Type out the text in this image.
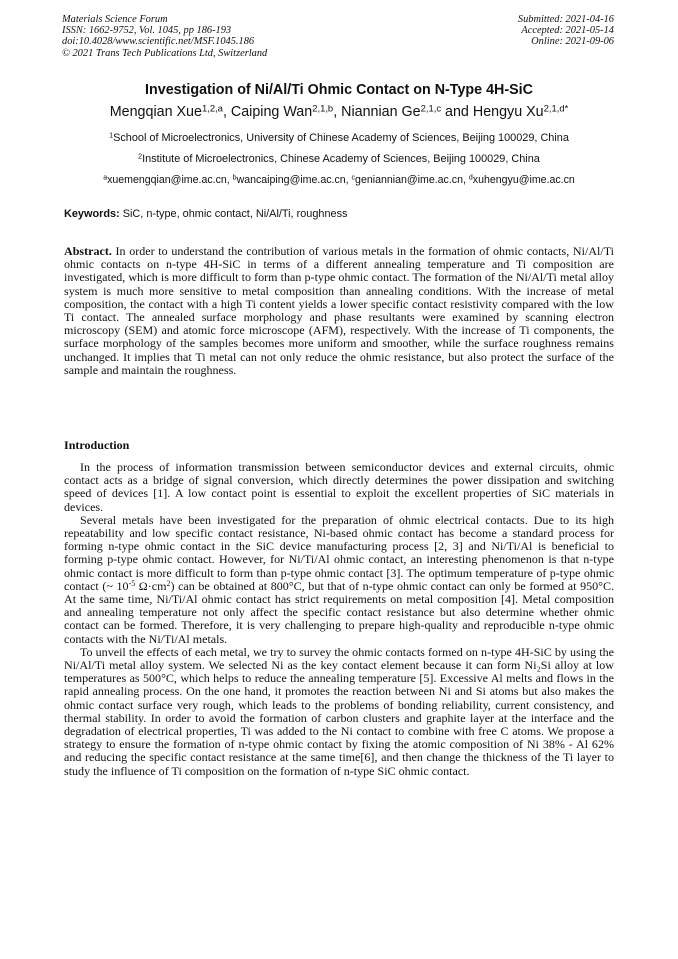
Materials Science Forum
ISSN: 1662-9752, Vol. 1045, pp 186-193
doi:10.4028/www.scientific.net/MSF.1045.186
© 2021 Trans Tech Publications Ltd, Switzerland
Submitted: 2021-04-16
Accepted: 2021-05-14
Online: 2021-09-06
Investigation of Ni/Al/Ti Ohmic Contact on N-Type 4H-SiC
Mengqian Xue$^{1,2,a}$, Caiping Wan$^{2,1,b}$, Niannian Ge$^{2,1,c}$ and Hengyu $Xu^{2,1,d*}$
$^1$School of Microelectronics, University of Chinese Academy of Sciences, Beijing 100029, China
$^2$Institute of Microelectronics, Chinese Academy of Sciences, Beijing 100029, China
$^a$xuemengqian@ime.ac.cn, $^b$wancaiping@ime.ac.cn, $^c$geniannian@ime.ac.cn, $^d$xuhengyu@ime.ac.cn
Keywords: SiC, n-type, ohmic contact, Ni/Al/Ti, roughness
Abstract. In order to understand the contribution of various metals in the formation of ohmic contacts, Ni/Al/Ti ohmic contacts on n-type 4H-SiC in terms of a different annealing temperature and Ti composition are investigated, which is more difficult to form than p-type ohmic contact. The formation of the Ni/Al/Ti metal alloy system is much more sensitive to metal composition than annealing conditions. With the increase of metal composition, the contact with a high Ti content yields a lower specific contact resistivity compared with the low Ti contact. The annealed surface morphology and phase resultants were examined by scanning electron microscopy (SEM) and atomic force microscope (AFM), respectively. With the increase of Ti components, the surface morphology of the samples becomes more uniform and smoother, while the surface roughness remains unchanged. It implies that Ti metal can not only reduce the ohmic resistance, but also protect the surface of the sample and maintain the roughness.
Introduction

In the process of information transmission between semiconductor devices and external circuits, ohmic contact acts as a bridge of signal conversion, which directly determines the power dissipation and switching speed of devices [1]. A low contact point is essential to exploit the excellent properties of SiC materials in devices.

Several metals have been investigated for the preparation of ohmic electrical contacts. Due to its high repeatability and low specific contact resistance, Ni-based ohmic contact has become a standard process for forming n-type ohmic contact in the SiC device manufacturing process [2, 3] and Ni/Ti/Al is beneficial to forming p-type ohmic contact. However, for Ni/Ti/Al ohmic contact, an interesting phenomenon is that n-type ohmic contact is more difficult to form than p-type ohmic contact [3]. The optimum temperature of p-type ohmic contact (~ $10^{-5}$ $\Omega\cdot cm^2$) can be obtained at 800°C, but that of n-type ohmic contact can only be formed at 950°C. At the same time, Ni/Ti/Al ohmic contact has strict requirements on metal composition [4]. Metal composition and annealing temperature not only affect the specific contact resistance but also determine whether ohmic contact can be formed. Therefore, it is very challenging to prepare high-quality and reproducible n-type ohmic contacts with the Ni/Ti/Al metals.

To unveil the effects of each metal, we try to survey the ohmic contacts formed on n-type 4H-SiC by using the Ni/Al/Ti metal alloy system. We selected Ni as the key contact element because it can form Ni₂Si alloy at low temperatures as 500°C, which helps to reduce the annealing temperature [5]. Excessive Al melts and flows in the rapid annealing process. On the one hand, it promotes the reaction between Ni and Si atoms but also makes the ohmic contact surface very rough, which leads to the problems of bonding reliability, current consistency, and thermal stability. In order to avoid the formation of carbon clusters and graphite layer at the interface and the degradation of electrical properties, Ti was added to the Ni contact to combine with free C atoms. We propose a strategy to ensure the formation of n-type ohmic contact by fixing the atomic composition of Ni 38% - Al 62% and reducing the specific contact resistance at the same time[6], and then change the thickness of the Ti layer to study the influence of Ti composition on the formation of n-type SiC ohmic contact.
